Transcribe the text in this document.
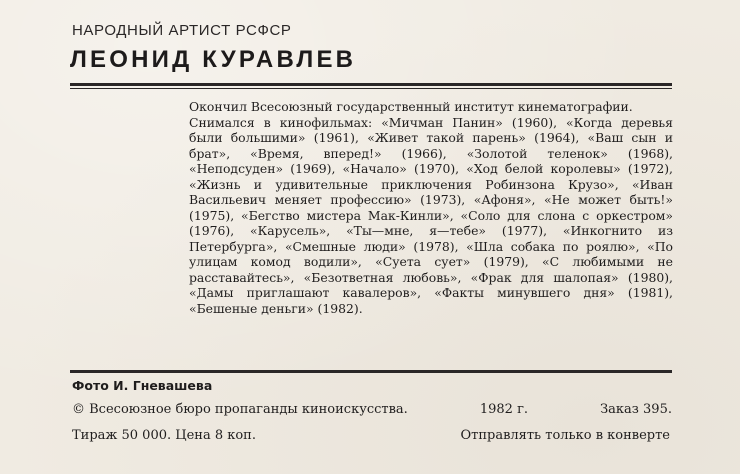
НАРОДНЫЙ АРТИСТ РСФСР
ЛЕОНИД КУРАВЛЕВ

Окончил Всесоюзный государственный институт кинематографии.

Снимался в кинофильмах: «Мичман Панин» (1960), «Когда деревья были большими» (1961), «Живет такой парень» (1964), «Ваш сын и брат», «Время, вперед!» (1966), «Золотой теленок» (1968), «Неподсуден» (1969), «Начало» (1970), «Ход белой королевы» (1972), «Жизнь и удивительные приключения Робинзона Крузо», «Иван Васильевич меняет профессию» (1973), «Афоня», «Не может быть!» (1975), «Бегство мистера Мак-Кинли», «Соло для слона с оркестром» (1976), «Карусель», «Ты—мне, я—тебе» (1977), «Инкогнито из Петербурга», «Смешные люди» (1978), «Шла собака по роялю», «По улицам комод водили», «Суета сует» (1979), «С любимыми не расставайтесь», «Безответная любовь», «Фрак для шалопая» (1980), «Дамы приглашают кавалеров», «Факты минувшего дня» (1981), «Бешеные деньги» (1982).

Фото И. Гневашева
© Всесоюзное бюро пропаганды киноискусства.	1982 г.	Заказ 395.
Тираж 50 000. Цена 8 коп.	Отправлять только в конверте
